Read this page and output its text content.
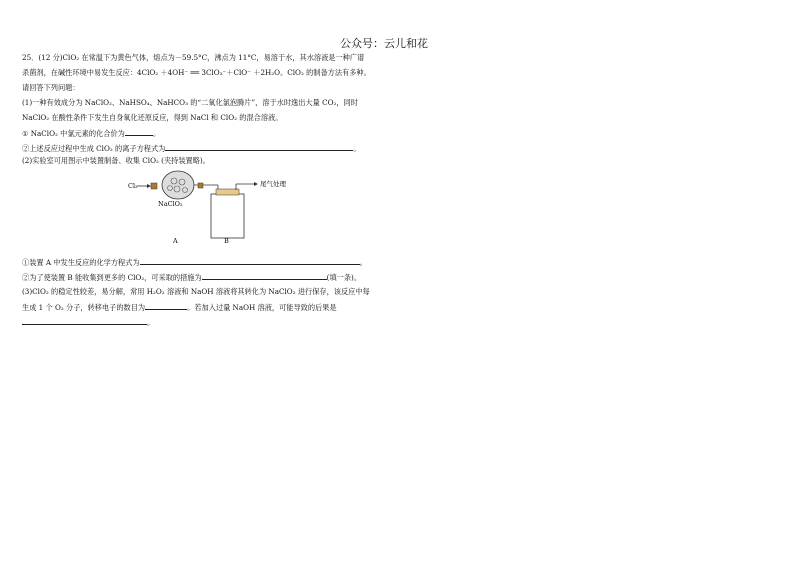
公众号：云儿和花
25．(12 分)ClO₂ 在常温下为黄色气体，熔点为－59.5°C，沸点为 11°C，易溶于水，其水溶液是一种广谱
杀菌剂，在碱性环境中易发生反应：4ClO₂ ＋4OH⁻ ══ 3ClO₃⁻＋ClO⁻ ＋2H₂O。ClO₂ 的制备方法有多种。
请回答下列问题：
(1)一种有效成分为 NaClO₂、NaHSO₄、NaHCO₃ 的“二氧化氯泡腾片”，溶于水时逸出大量 CO₂，同时
NaClO₂ 在酸性条件下发生自身氧化还原反应，得到 NaCl 和 ClO₂ 的混合溶液。
① NaClO₂ 中氯元素的化合价为	。
②上述反应过程中生成 ClO₂ 的离子方程式为	。
(2)实验室可用图示中装置制备、收集 ClO₂ (夹持装置略)。
Cl₂
NaClO₂
尾气处理
A	B
①装置 A 中发生反应的化学方程式为	。
②为了使装置 B 能收集到更多的 ClO₂，可采取的措施为	(填一条)。
(3)ClO₂ 的稳定性较差，易分解，常用 H₂O₂ 溶液和 NaOH 溶液将其转化为 NaClO₂ 进行保存，该反应中每
生成 1 个 O₂ 分子，转移电子的数目为	。若加入过量 NaOH 溶液，可能导致的后果是
。
